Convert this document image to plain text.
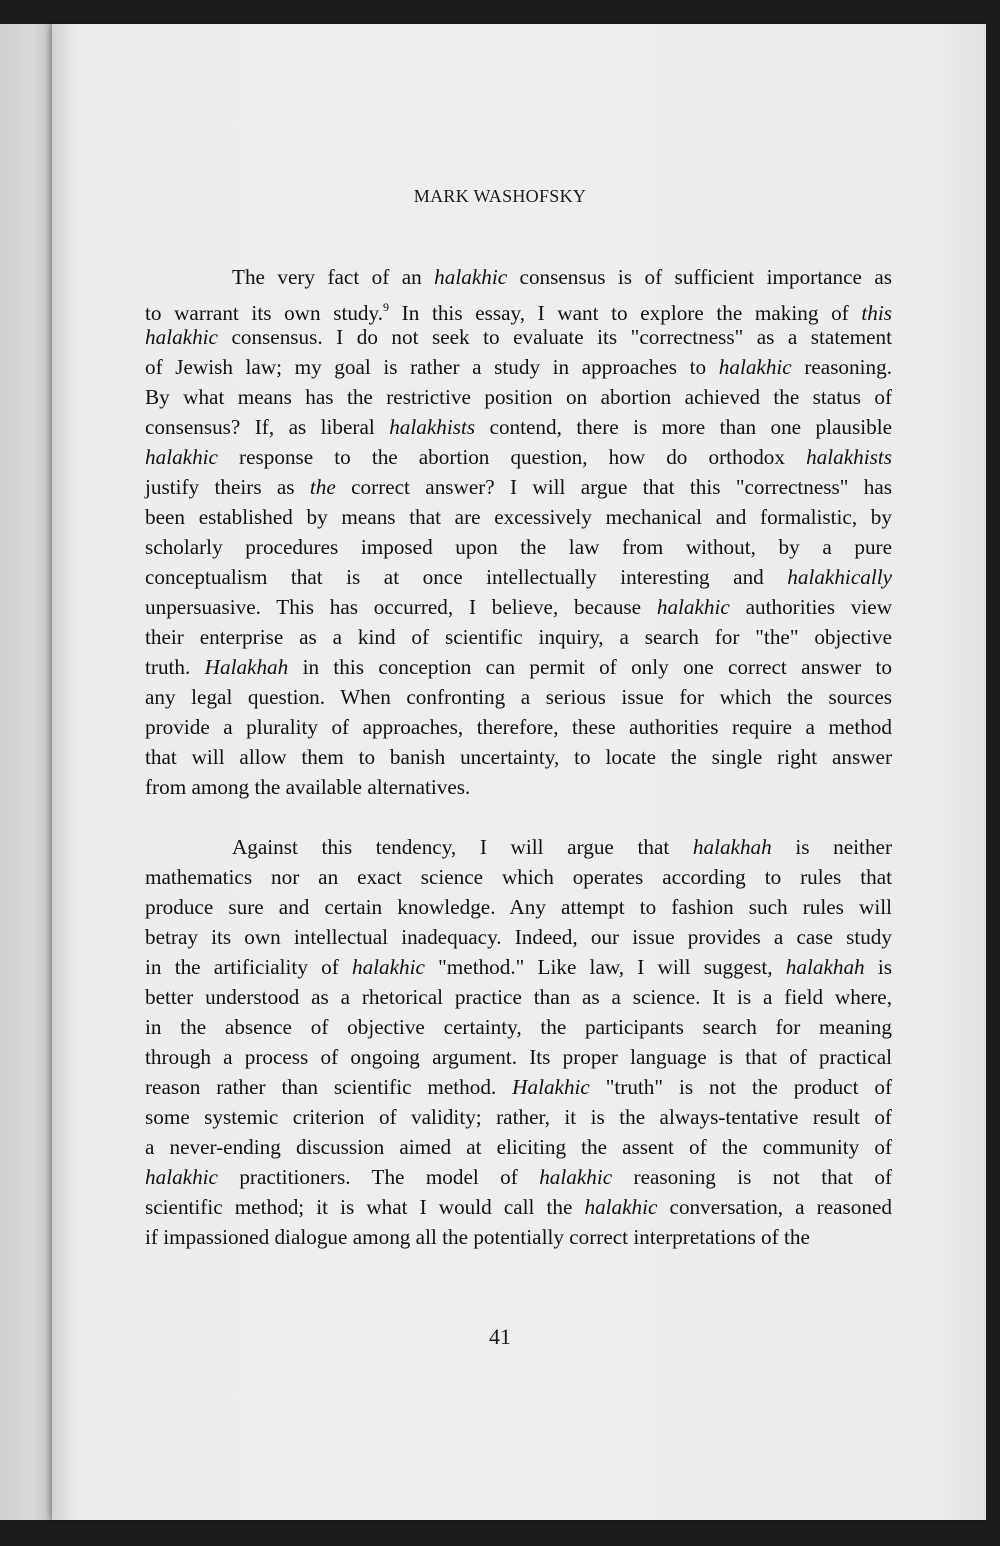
MARK WASHOFSKY
The very fact of an halakhic consensus is of sufficient importance as
to warrant its own study.$^9$ In this essay, I want to explore the making of this
halakhic consensus. I do not seek to evaluate its "correctness" as a statement
of Jewish law; my goal is rather a study in approaches to halakhic reasoning.
By what means has the restrictive position on abortion achieved the status of
consensus? If, as liberal halakhists contend, there is more than one plausible
halakhic response to the abortion question, how do orthodox halakhists
justify theirs as the correct answer? I will argue that this "correctness" has
been established by means that are excessively mechanical and formalistic, by
scholarly procedures imposed upon the law from without, by a pure
conceptualism that is at once intellectually interesting and halakhically
unpersuasive. This has occurred, I believe, because halakhic authorities view
their enterprise as a kind of scientific inquiry, a search for "the" objective
truth. Halakhah in this conception can permit of only one correct answer to
any legal question. When confronting a serious issue for which the sources
provide a plurality of approaches, therefore, these authorities require a method
that will allow them to banish uncertainty, to locate the single right answer
from among the available alternatives.
Against this tendency, I will argue that halakhah is neither
mathematics nor an exact science which operates according to rules that
produce sure and certain knowledge. Any attempt to fashion such rules will
betray its own intellectual inadequacy. Indeed, our issue provides a case study
in the artificiality of halakhic "method." Like law, I will suggest, halakhah is
better understood as a rhetorical practice than as a science. It is a field where,
in the absence of objective certainty, the participants search for meaning
through a process of ongoing argument. Its proper language is that of practical
reason rather than scientific method. Halakhic "truth" is not the product of
some systemic criterion of validity; rather, it is the always-tentative result of
a never-ending discussion aimed at eliciting the assent of the community of
halakhic practitioners. The model of halakhic reasoning is not that of
scientific method; it is what I would call the halakhic conversation, a reasoned
if impassioned dialogue among all the potentially correct interpretations of the
41
